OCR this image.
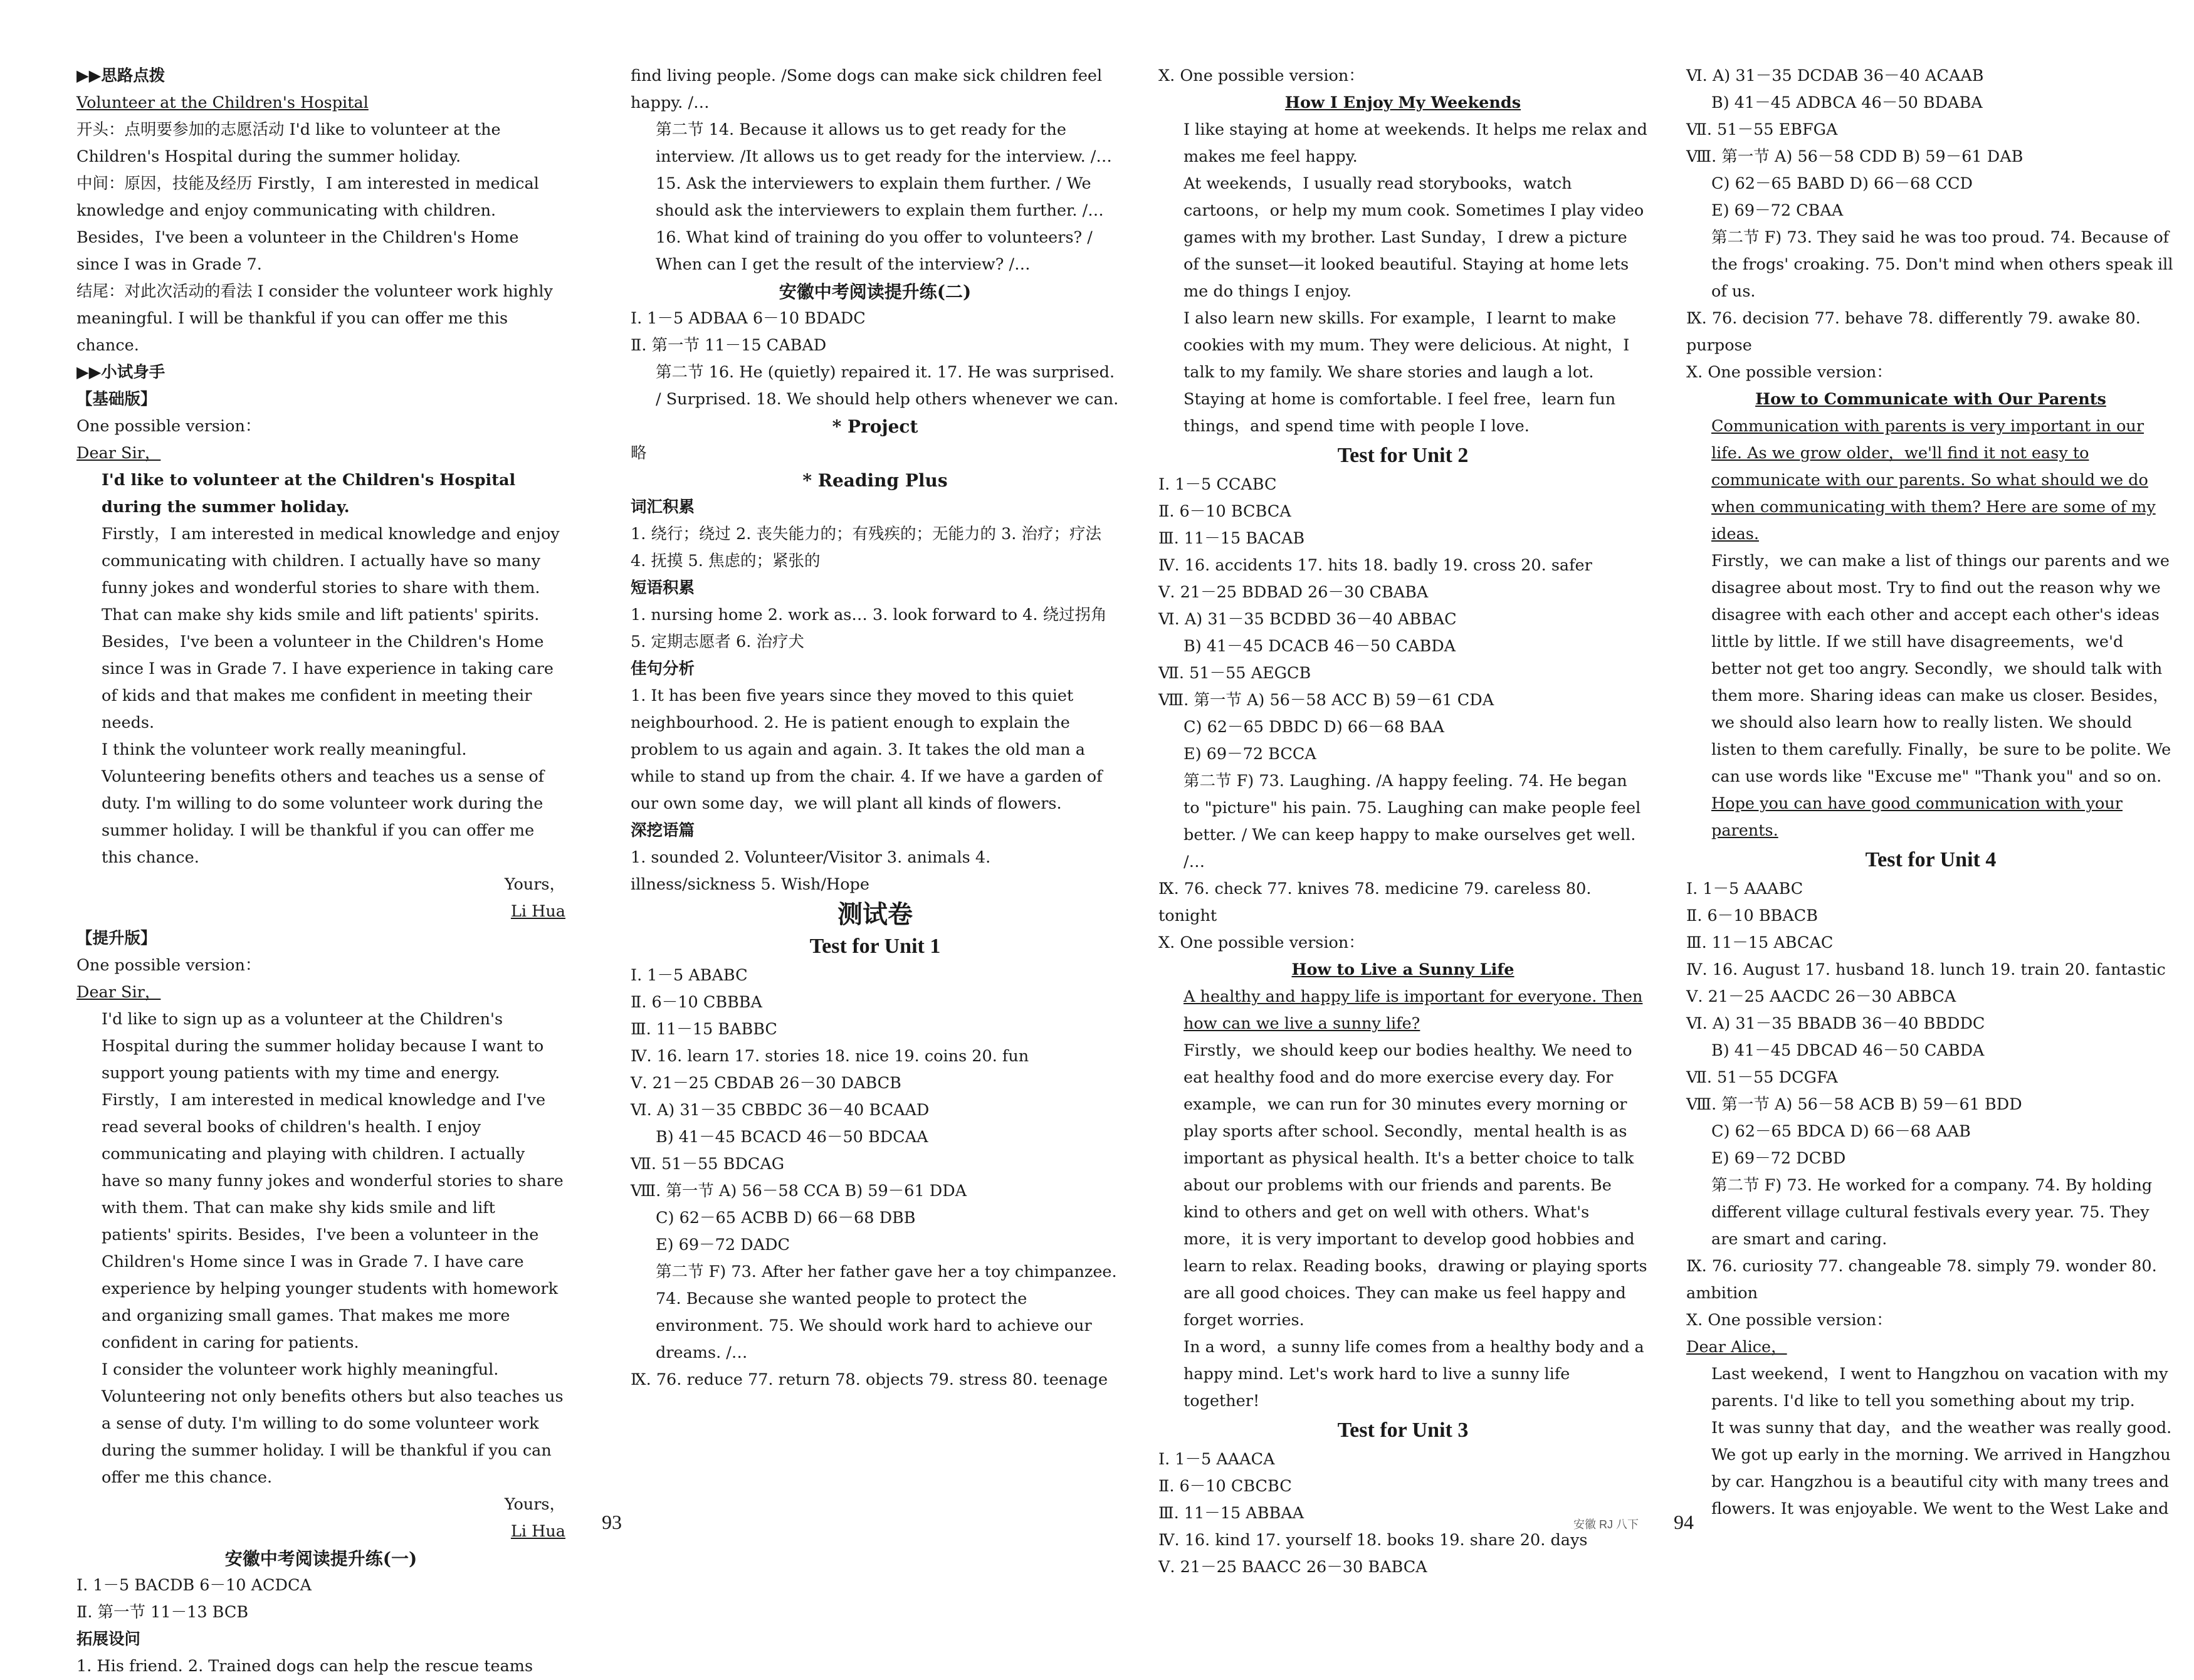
▶▶思路点拨
Volunteer at the Children's Hospital
开头：点明要参加的志愿活动 I'd like to volunteer at the Children's Hospital during the summer holiday.
中间：原因，技能及经历 Firstly，I am interested in medical knowledge and enjoy communicating with children. Besides，I've been a volunteer in the Children's Home since I was in Grade 7.
结尾：对此次活动的看法 I consider the volunteer work highly meaningful. I will be thankful if you can offer me this chance.
▶▶小试身手
【基础版】
One possible version：
Dear Sir，
I'd like to volunteer at the Children's Hospital during the summer holiday.
Firstly，I am interested in medical knowledge and enjoy communicating with children. I actually have so many funny jokes and wonderful stories to share with them. That can make shy kids smile and lift patients' spirits. Besides，I've been a volunteer in the Children's Home since I was in Grade 7. I have experience in taking care of kids and that makes me confident in meeting their needs.
I think the volunteer work really meaningful. Volunteering benefits others and teaches us a sense of duty. I'm willing to do some volunteer work during the summer holiday. I will be thankful if you can offer me this chance.
Yours，
Li Hua
【提升版】
One possible version：
Dear Sir，
I'd like to sign up as a volunteer at the Children's Hospital during the summer holiday because I want to support young patients with my time and energy.
Firstly，I am interested in medical knowledge and I've read several books of children's health. I enjoy communicating and playing with children. I actually have so many funny jokes and wonderful stories to share with them. That can make shy kids smile and lift patients' spirits. Besides，I've been a volunteer in the Children's Home since I was in Grade 7. I have care experience by helping younger students with homework and organizing small games. That makes me more confident in caring for patients.
I consider the volunteer work highly meaningful. Volunteering not only benefits others but also teaches us a sense of duty. I'm willing to do some volunteer work during the summer holiday. I will be thankful if you can offer me this chance.
Yours，
Li Hua
安徽中考阅读提升练(一)
Ⅰ. 1－5 BACDB 6－10 ACDCA
Ⅱ. 第一节 11－13 BCB
拓展设问
1. His friend. 2. Trained dogs can help the rescue teams
find living people. /Some dogs can make sick children feel happy. /…
第二节 14. Because it allows us to get ready for the interview. /It allows us to get ready for the interview. /… 15. Ask the interviewers to explain them further. / We should ask the interviewers to explain them further. /…
16. What kind of training do you offer to volunteers? / When can I get the result of the interview? /…
安徽中考阅读提升练(二)
Ⅰ. 1－5 ADBAA 6－10 BDADC
Ⅱ. 第一节 11－15 CABAD
第二节 16. He (quietly) repaired it. 17. He was surprised. / Surprised. 18. We should help others whenever we can.
* Project
略
* Reading Plus
词汇积累
1. 绕行；绕过 2. 丧失能力的；有残疾的；无能力的 3. 治疗；疗法 4. 抚摸 5. 焦虑的；紧张的
短语积累
1. nursing home 2. work as… 3. look forward to 4. 绕过拐角 5. 定期志愿者 6. 治疗犬
佳句分析
1. It has been five years since they moved to this quiet neighbourhood. 2. He is patient enough to explain the problem to us again and again. 3. It takes the old man a while to stand up from the chair. 4. If we have a garden of our own some day，we will plant all kinds of flowers.
深挖语篇
1. sounded 2. Volunteer/Visitor 3. animals 4. illness/sickness 5. Wish/Hope
测试卷
Test for Unit 1
Ⅰ. 1－5 ABABC
Ⅱ. 6－10 CBBBA
Ⅲ. 11－15 BABBC
Ⅳ. 16. learn 17. stories 18. nice 19. coins 20. fun
Ⅴ. 21－25 CBDAB 26－30 DABCB
Ⅵ. A) 31－35 CBBDC 36－40 BCAAD
B) 41－45 BCACD 46－50 BDCAA
Ⅶ. 51－55 BDCAG
Ⅷ. 第一节 A) 56－58 CCA B) 59－61 DDA
C) 62－65 ACBB D) 66－68 DBB
E) 69－72 DADC
第二节 F) 73. After her father gave her a toy chimpanzee. 74. Because she wanted people to protect the environment. 75. We should work hard to achieve our dreams. /…
Ⅸ. 76. reduce 77. return 78. objects 79. stress 80. teenage
Ⅹ. One possible version：
How I Enjoy My Weekends
I like staying at home at weekends. It helps me relax and makes me feel happy.
At weekends，I usually read storybooks，watch cartoons，or help my mum cook. Sometimes I play video games with my brother. Last Sunday，I drew a picture of the sunset—it looked beautiful. Staying at home lets me do things I enjoy.
I also learn new skills. For example，I learnt to make cookies with my mum. They were delicious. At night，I talk to my family. We share stories and laugh a lot.
Staying at home is comfortable. I feel free，learn fun things，and spend time with people I love.
Test for Unit 2
Ⅰ. 1－5 CCABC
Ⅱ. 6－10 BCBCA
Ⅲ. 11－15 BACAB
Ⅳ. 16. accidents 17. hits 18. badly 19. cross 20. safer
Ⅴ. 21－25 BDBAD 26－30 CBABA
Ⅵ. A) 31－35 BCDBD 36－40 ABBAC
B) 41－45 DCACB 46－50 CABDA
Ⅶ. 51－55 AEGCB
Ⅷ. 第一节 A) 56－58 ACC B) 59－61 CDA
C) 62－65 DBDC D) 66－68 BAA
E) 69－72 BCCA
第二节 F) 73. Laughing. /A happy feeling. 74. He began to "picture" his pain. 75. Laughing can make people feel better. / We can keep happy to make ourselves get well. /…
Ⅸ. 76. check 77. knives 78. medicine 79. careless 80. tonight
Ⅹ. One possible version：
How to Live a Sunny Life
A healthy and happy life is important for everyone. Then how can we live a sunny life?
Firstly，we should keep our bodies healthy. We need to eat healthy food and do more exercise every day. For example，we can run for 30 minutes every morning or play sports after school. Secondly，mental health is as important as physical health. It's a better choice to talk about our problems with our friends and parents. Be kind to others and get on well with others. What's more，it is very important to develop good hobbies and learn to relax. Reading books，drawing or playing sports are all good choices. They can make us feel happy and forget worries.
In a word，a sunny life comes from a healthy body and a happy mind. Let's work hard to live a sunny life together!
Test for Unit 3
Ⅰ. 1－5 AAACA
Ⅱ. 6－10 CBCBC
Ⅲ. 11－15 ABBAA
Ⅳ. 16. kind 17. yourself 18. books 19. share 20. days
Ⅴ. 21－25 BAACC 26－30 BABCA
Ⅵ. A) 31－35 DCDAB 36－40 ACAAB
B) 41－45 ADBCA 46－50 BDABA
Ⅶ. 51－55 EBFGA
Ⅷ. 第一节 A) 56－58 CDD B) 59－61 DAB
C) 62－65 BABD D) 66－68 CCD
E) 69－72 CBAA
第二节 F) 73. They said he was too proud. 74. Because of the frogs' croaking. 75. Don't mind when others speak ill of us.
Ⅸ. 76. decision 77. behave 78. differently 79. awake 80. purpose
Ⅹ. One possible version：
How to Communicate with Our Parents
Communication with parents is very important in our life. As we grow older，we'll find it not easy to communicate with our parents. So what should we do when communicating with them? Here are some of my ideas.
Firstly，we can make a list of things our parents and we disagree about most. Try to find out the reason why we disagree with each other and accept each other's ideas little by little. If we still have disagreements，we'd better not get too angry. Secondly，we should talk with them more. Sharing ideas can make us closer. Besides，we should also learn how to really listen. We should listen to them carefully. Finally，be sure to be polite. We can use words like "Excuse me" "Thank you" and so on.
Hope you can have good communication with your parents.
Test for Unit 4
Ⅰ. 1－5 AAABC
Ⅱ. 6－10 BBACB
Ⅲ. 11－15 ABCAC
Ⅳ. 16. August 17. husband 18. lunch 19. train 20. fantastic
Ⅴ. 21－25 AACDC 26－30 ABBCA
Ⅵ. A) 31－35 BBADB 36－40 BBDDC
B) 41－45 DBCAD 46－50 CABDA
Ⅶ. 51－55 DCGFA
Ⅷ. 第一节 A) 56－58 ACB B) 59－61 BDD
C) 62－65 BDCA D) 66－68 AAB
E) 69－72 DCBD
第二节 F) 73. He worked for a company. 74. By holding different village cultural festivals every year. 75. They are smart and caring.
Ⅸ. 76. curiosity 77. changeable 78. simply 79. wonder 80. ambition
Ⅹ. One possible version：
Dear Alice，
Last weekend，I went to Hangzhou on vacation with my parents. I'd like to tell you something about my trip.
It was sunny that day，and the weather was really good. We got up early in the morning. We arrived in Hangzhou by car. Hangzhou is a beautiful city with many trees and flowers. It was enjoyable. We went to the West Lake and
93	安徽 RJ 八下 94
